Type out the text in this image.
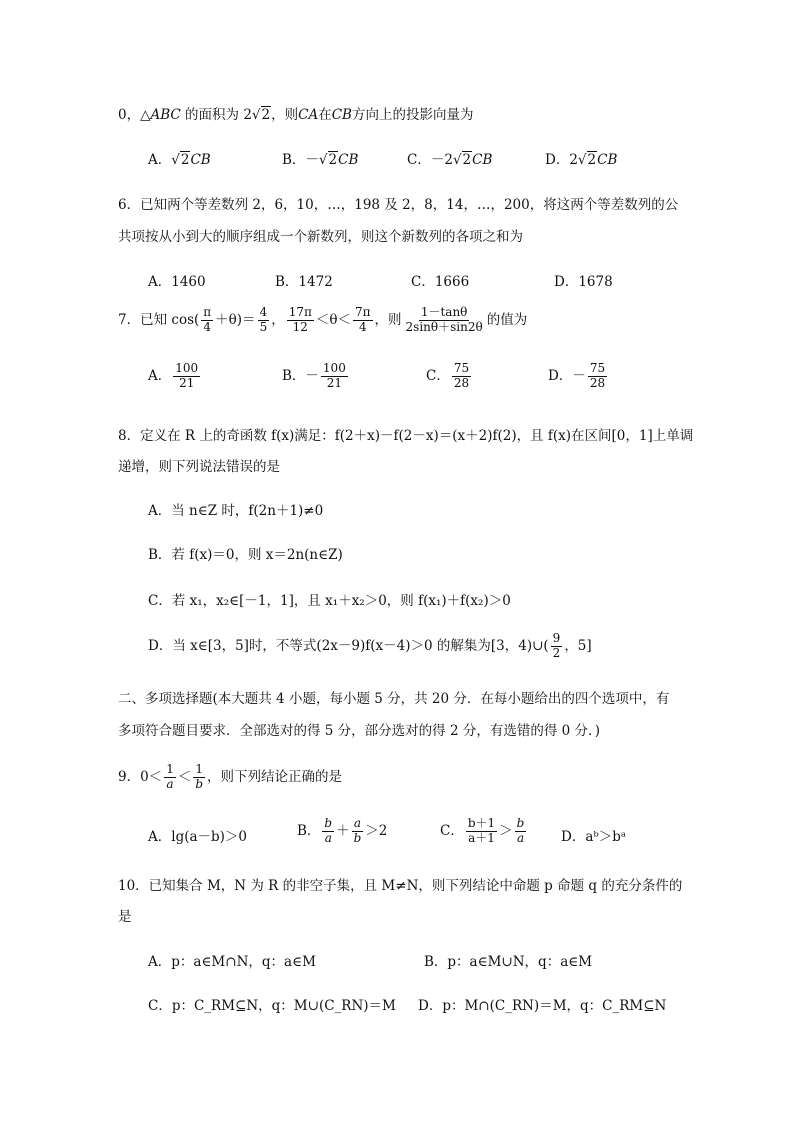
0，△ABC 的面积为 2√2，则CA在CB方向上的投影向量为
A．√2CB	B．－√2CB	C．－2√2CB	D．2√2CB
6．已知两个等差数列 2，6，10，…，198 及 2，8，14，…，200，将这两个等差数列的公
共项按从小到大的顺序组成一个新数列，则这个新数列的各项之和为
A．1460	B．1472	C．1666	D．1678
7．已知 $\cos( \frac{\pi}{4} +\theta)= \frac{4}{5}$ ， $\frac{17\pi}{12} <\theta< \frac{7\pi}{4}$ ，则 $\frac{1-\tan\theta}{2\sin\theta+\sin 2\theta}$ 的值为
A． $\frac{100}{21}$	B．－ $\frac{100}{21}$	C． $\frac{75}{28}$	D．－ $\frac{75}{28}$
8．定义在 R 上的奇函数 f(x)满足：f(2＋x)－f(2－x)＝(x＋2)f(2)，且 f(x)在区间[0，1]上单调
递增，则下列说法错误的是
A．当 n∈Z 时，f(2n＋1)≠0
B．若 f(x)＝0，则 x＝2n(n∈Z)
C．若 x₁，x₂∈[－1，1]，且 x₁＋x₂＞0，则 f(x₁)＋f(x₂)＞0
D．当 x∈[3，5]时，不等式(2x－9)f(x－4)＞0 的解集为[3，4)∪( $\frac{9}{2}$ ，5]
二、多项选择题(本大题共 4 小题，每小题 5 分，共 20 分．在每小题给出的四个选项中，有
多项符合题目要求．全部选对的得 5 分，部分选对的得 2 分，有选错的得 0 分．)
9．$0< \frac{1}{a} < \frac{1}{b}$ ，则下列结论正确的是
A．lg(a－b)＞0	B． $\frac{b}{a} + \frac{a}{b} >2$	C． $\frac{b+1}{a+1} > \frac{b}{a}$	D．aᵇ＞bᵃ
10．已知集合 M，N 为 R 的非空子集，且 M≠N，则下列结论中命题 p 命题 q 的充分条件的
是
A．p：a∈M∩N，q：a∈M	B．p：a∈M∪N，q：a∈M
C．p：C_RM⊆N，q：M∪(C_RN)＝M D．p：M∩(C_RN)＝M，q：C_RM⊆N
